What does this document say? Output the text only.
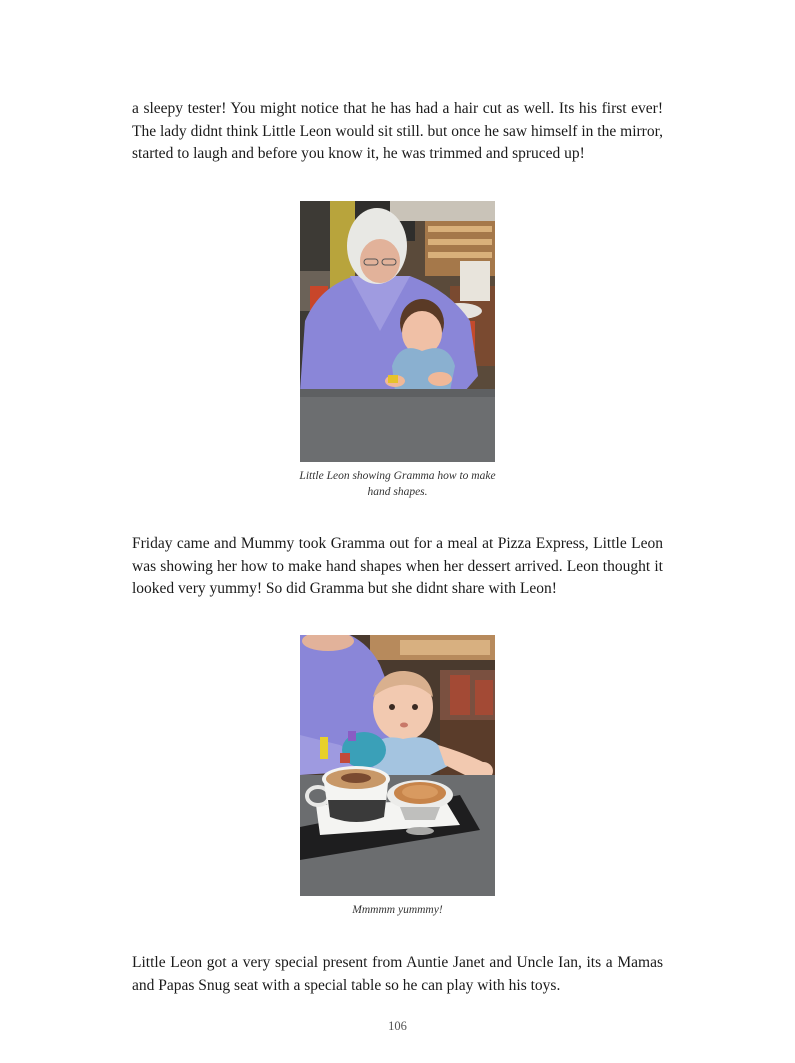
a sleepy tester! You might notice that he has had a hair cut as well. Its his first ever! The lady didnt think Little Leon would sit still. but once he saw himself in the mirror, started to laugh and before you know it, he was trimmed and spruced up!

Little Leon showing Gramma how to make hand shapes.

Friday came and Mummy took Gramma out for a meal at Pizza Express, Little Leon was showing her how to make hand shapes when her dessert arrived. Leon thought it looked very yummy! So did Gramma but she didnt share with Leon!

Mmmmm yummmy!

Little Leon got a very special present from Auntie Janet and Uncle Ian, its a Mamas and Papas Snug seat with a special table so he can play with his toys.

106
